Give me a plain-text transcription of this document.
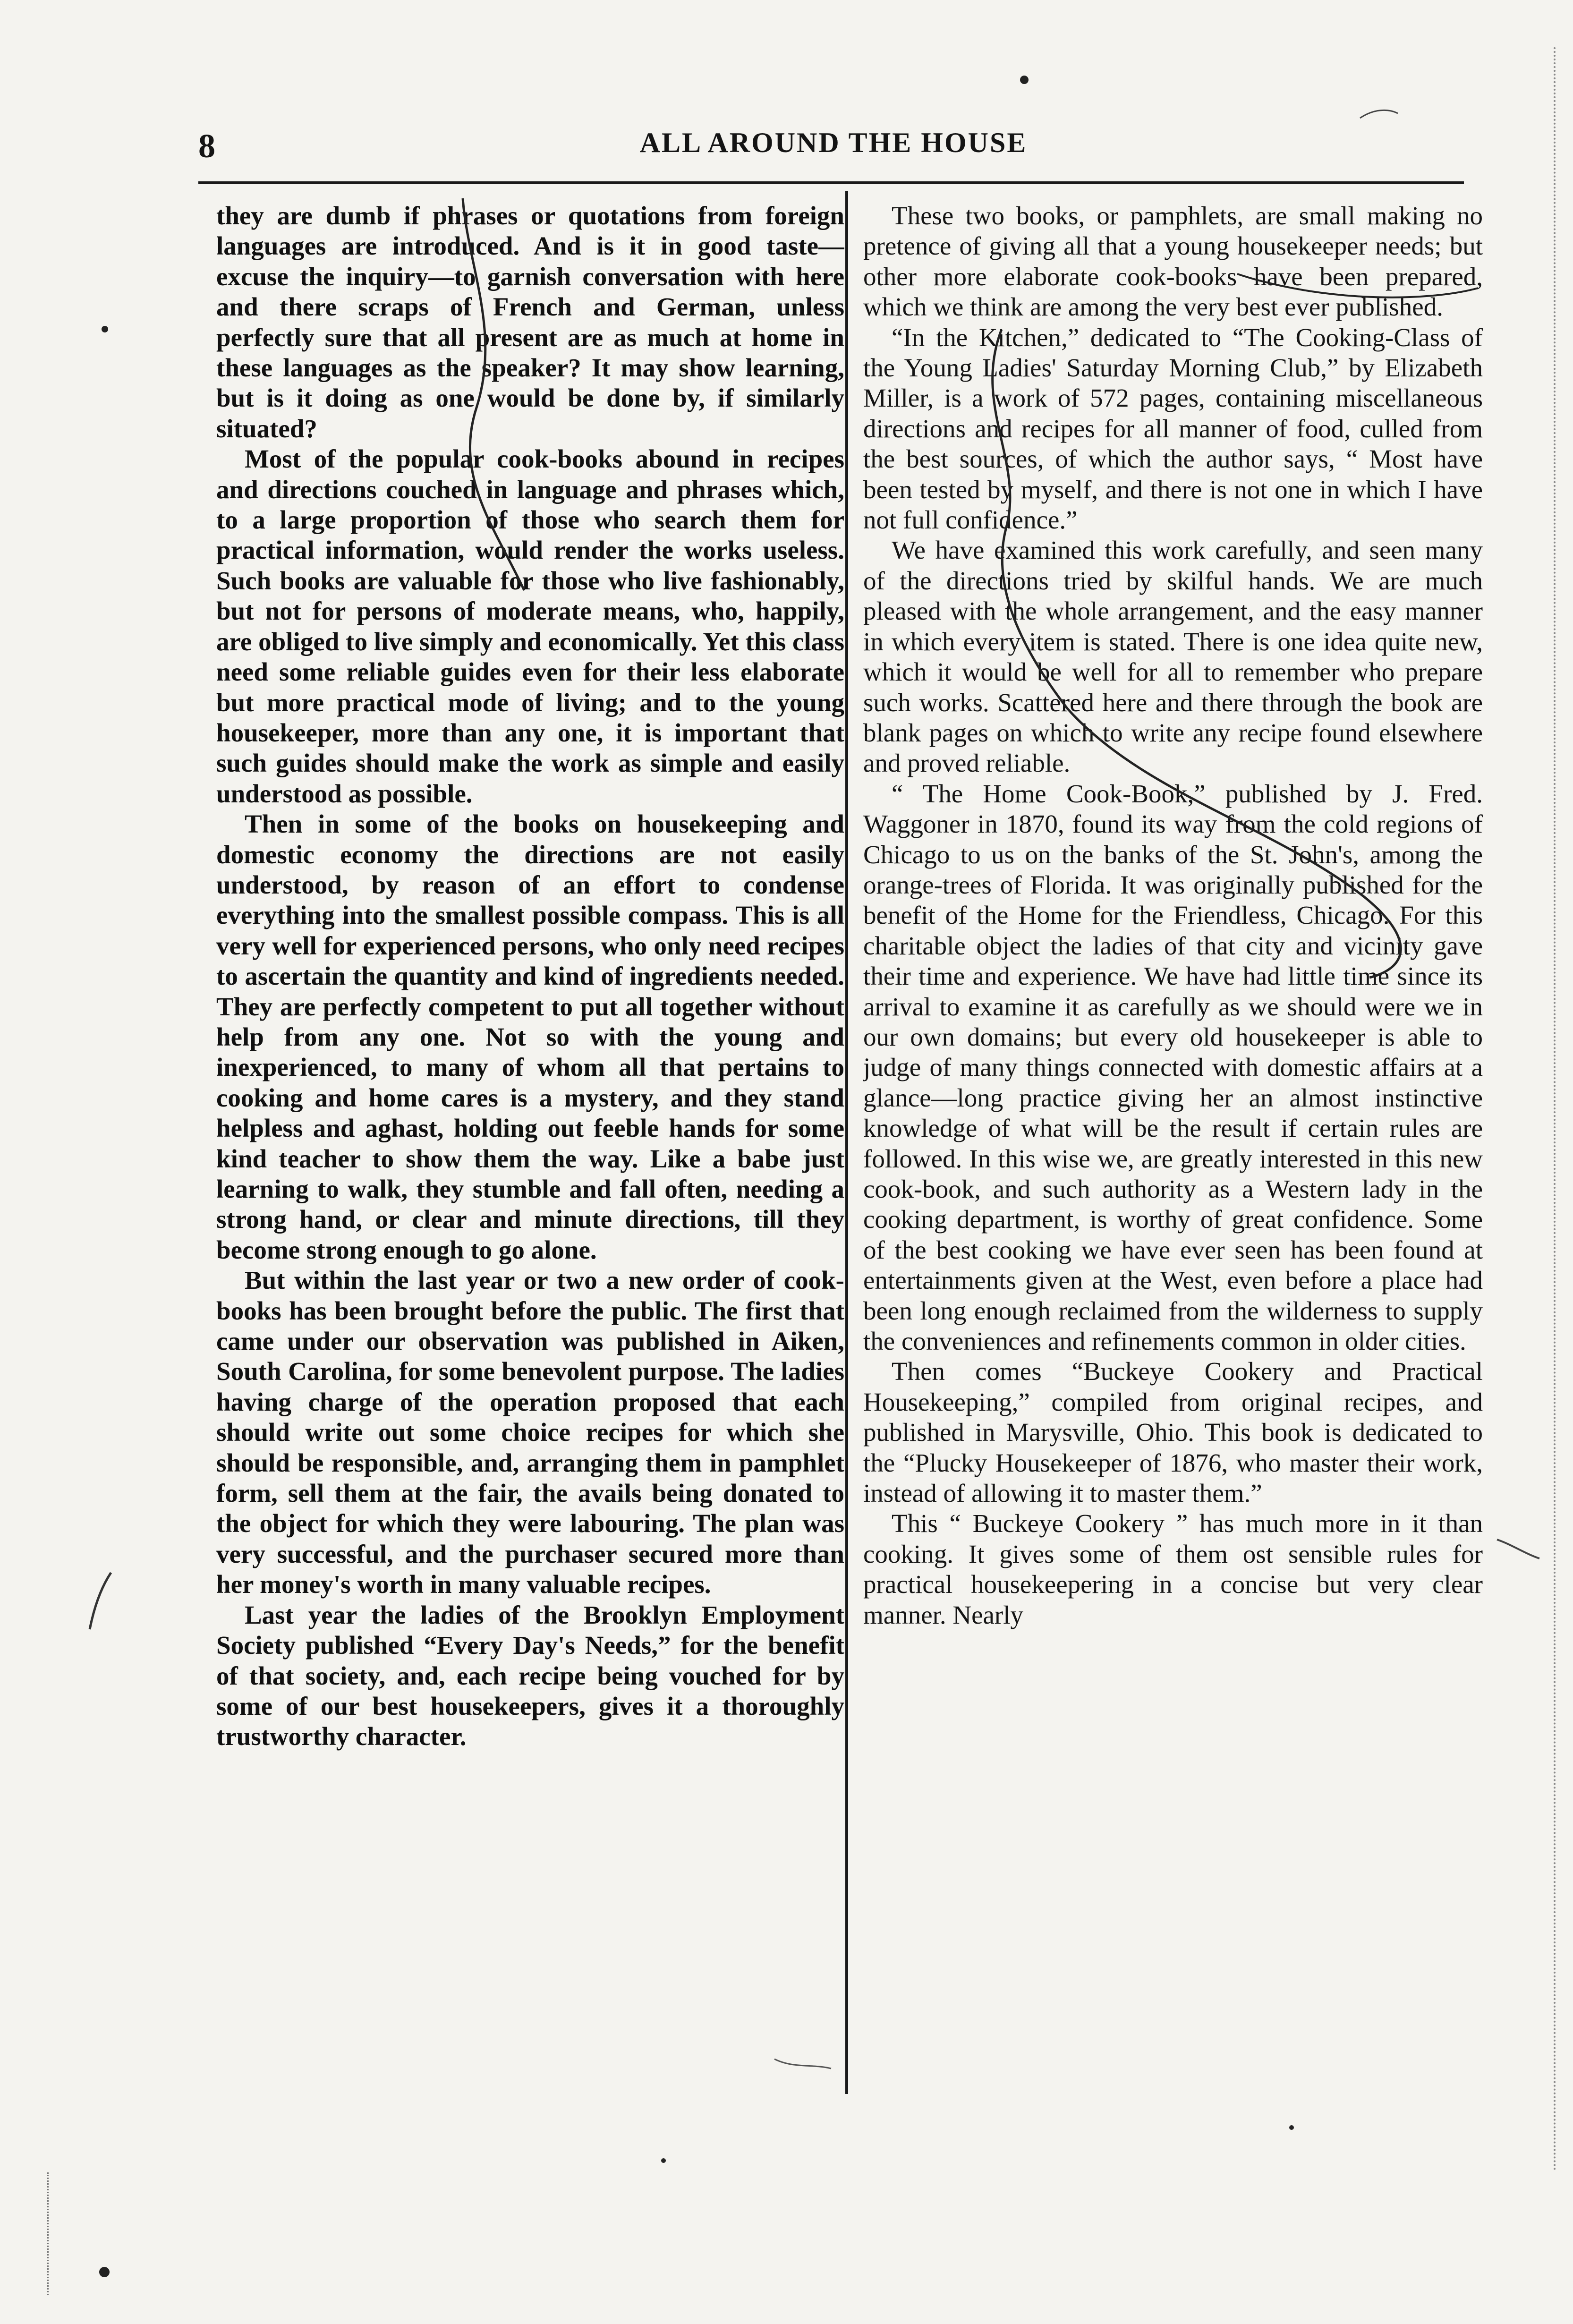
8	ALL AROUND THE HOUSE

they are dumb if phrases or quotations from foreign languages are introduced. And is it in good taste—excuse the inquiry—to garnish conversation with here and there scraps of French and German, unless perfectly sure that all present are as much at home in these languages as the speaker? It may show learning, but is it doing as one would be done by, if similarly situated?

Most of the popular cook-books abound in recipes and directions couched in language and phrases which, to a large proportion of those who search them for practical information, would render the works useless. Such books are valuable for those who live fashionably, but not for persons of moderate means, who, happily, are obliged to live simply and economically. Yet this class need some reliable guides even for their less elaborate but more practical mode of living; and to the young housekeeper, more than any one, it is important that such guides should make the work as simple and easily understood as possible.

Then in some of the books on housekeeping and domestic economy the directions are not easily understood, by reason of an effort to condense everything into the smallest possible compass. This is all very well for experienced persons, who only need recipes to ascertain the quantity and kind of ingredients needed. They are perfectly competent to put all together without help from any one. Not so with the young and inexperienced, to many of whom all that pertains to cooking and home cares is a mystery, and they stand helpless and aghast, holding out feeble hands for some kind teacher to show them the way. Like a babe just learning to walk, they stumble and fall often, needing a strong hand, or clear and minute directions, till they become strong enough to go alone.

But within the last year or two a new order of cook-books has been brought before the public. The first that came under our observation was published in Aiken, South Carolina, for some benevolent purpose. The ladies having charge of the operation proposed that each should write out some choice recipes for which she should be responsible, and, arranging them in pamphlet form, sell them at the fair, the avails being donated to the object for which they were labouring. The plan was very successful, and the purchaser secured more than her money's worth in many valuable recipes.

Last year the ladies of the Brooklyn Employment Society published “Every Day's Needs,” for the benefit of that society, and, each recipe being vouched for by some of our best housekeepers, gives it a thoroughly trustworthy character.

These two books, or pamphlets, are small making no pretence of giving all that a young housekeeper needs; but other more elaborate cook-books have been prepared, which we think are among the very best ever published.

“In the Kitchen,” dedicated to “The Cooking-Class of the Young Ladies' Saturday Morning Club,” by Elizabeth Miller, is a work of 572 pages, containing miscellaneous directions and recipes for all manner of food, culled from the best sources, of which the author says, “ Most have been tested by myself, and there is not one in which I have not full confidence.”

We have examined this work carefully, and seen many of the directions tried by skilful hands. We are much pleased with the whole arrangement, and the easy manner in which every item is stated. There is one idea quite new, which it would be well for all to remember who prepare such works. Scattered here and there through the book are blank pages on which to write any recipe found elsewhere and proved reliable.

“ The Home Cook-Book,” published by J. Fred. Waggoner in 1870, found its way from the cold regions of Chicago to us on the banks of the St. John's, among the orange-trees of Florida. It was originally published for the benefit of the Home for the Friendless, Chicago. For this charitable object the ladies of that city and vicinity gave their time and experience. We have had little time since its arrival to examine it as carefully as we should were we in our own domains; but every old housekeeper is able to judge of many things connected with domestic affairs at a glance—long practice giving her an almost instinctive knowledge of what will be the result if certain rules are followed. In this wise we, are greatly interested in this new cook-book, and such authority as a Western lady in the cooking department, is worthy of great confidence. Some of the best cooking we have ever seen has been found at entertainments given at the West, even before a place had been long enough reclaimed from the wilderness to supply the conveniences and refinements common in older cities.

Then comes “Buckeye Cookery and Practical Housekeeping,” compiled from original recipes, and published in Marysville, Ohio. This book is dedicated to the “Plucky Housekeeper of 1876, who master their work, instead of allowing it to master them.”

This “ Buckeye Cookery ” has much more in it than cooking. It gives some of them ost sensible rules for practical housekeepering in a concise but very clear manner. Nearly
